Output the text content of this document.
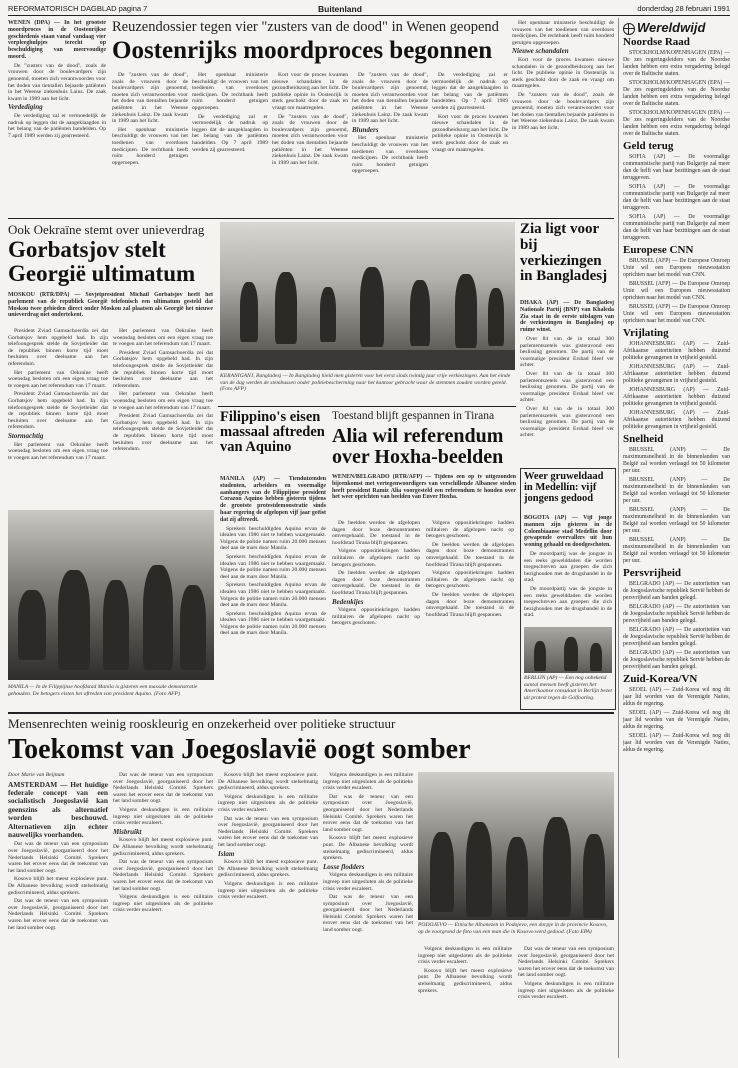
REFORMATORISCH DAGBLAD pagina 7	Buitenland	donderdag 28 februari 1991

WENEN (DPA) — In het grootste moordproces in de Oostenrijkse geschiedenis staan vanaf vandaag vier verpleeghulpjes terecht op beschuldiging van meervoudige moord.

De "zusters van de dood", zoals de vrouwen door de boulevardpers zijn genoemd, moeten zich verantwoorden voor het doden van tientallen bejaarde patiënten in het Weense ziekenhuis Lainz. De zaak kwam in 1989 aan het licht.

Verdediging

De verdediging zal er vermoedelijk de nadruk op leggen dat de aangeklaagden in het belang van de patiënten handelden. Op 7 april 1989 werden zij gearresteerd.

Reuzendossier tegen vier "zusters van de dood" in Wenen geopend
Oostenrijks moordproces begonnen

De "zusters van de dood", zoals de vrouwen door de boulevardpers zijn genoemd, moeten zich verantwoorden voor het doden van tientallen bejaarde patiënten in het Weense ziekenhuis Lainz. De zaak kwam in 1989 aan het licht.

Het openbaar ministerie beschuldigt de vrouwen van het toedienen van overdoses medicijnen. De rechtbank heeft ruim honderd getuigen opgeroepen.

Het openbaar ministerie beschuldigt de vrouwen van het toedienen van overdoses medicijnen. De rechtbank heeft ruim honderd getuigen opgeroepen.

De verdediging zal er vermoedelijk de nadruk op leggen dat de aangeklaagden in het belang van de patiënten handelden. Op 7 april 1989 werden zij gearresteerd.

Kort voor de proces kwamen nieuwe schandalen in de gezondheidszorg aan het licht. De publieke opinie in Oostenrijk is sterk geschokt door de zaak en vraagt om maatregelen.

De "zusters van de dood", zoals de vrouwen door de boulevardpers zijn genoemd, moeten zich verantwoorden voor het doden van tientallen bejaarde patiënten in het Weense ziekenhuis Lainz. De zaak kwam in 1989 aan het licht.

De "zusters van de dood", zoals de vrouwen door de boulevardpers zijn genoemd, moeten zich verantwoorden voor het doden van tientallen bejaarde patiënten in het Weense ziekenhuis Lainz. De zaak kwam in 1989 aan het licht.

Blunders

Het openbaar ministerie beschuldigt de vrouwen van het toedienen van overdoses medicijnen. De rechtbank heeft ruim honderd getuigen opgeroepen.

De verdediging zal er vermoedelijk de nadruk op leggen dat de aangeklaagden in het belang van de patiënten handelden. Op 7 april 1989 werden zij gearresteerd.

Kort voor de proces kwamen nieuwe schandalen in de gezondheidszorg aan het licht. De publieke opinie in Oostenrijk is sterk geschokt door de zaak en vraagt om maatregelen.

Het openbaar ministerie beschuldigt de vrouwen van het toedienen van overdoses medicijnen. De rechtbank heeft ruim honderd getuigen opgeroepen.

Nieuwe schandalen

Kort voor de proces kwamen nieuwe schandalen in de gezondheidszorg aan het licht. De publieke opinie in Oostenrijk is sterk geschokt door de zaak en vraagt om maatregelen.

De "zusters van de dood", zoals de vrouwen door de boulevardpers zijn genoemd, moeten zich verantwoorden voor het doden van tientallen bejaarde patiënten in het Weense ziekenhuis Lainz. De zaak kwam in 1989 aan het licht.

Wereldwijd

Noordse Raad

STOCKHOLM/KOPENHAGEN (EPA) — De zes regeringsleiders van de Noordse landen hebben een extra vergadering belegd over de Baltische staten.

STOCKHOLM/KOPENHAGEN (EPA) — De zes regeringsleiders van de Noordse landen hebben een extra vergadering belegd over de Baltische staten.

STOCKHOLM/KOPENHAGEN (EPA) — De zes regeringsleiders van de Noordse landen hebben een extra vergadering belegd over de Baltische staten.

Geld terug

SOFIA (AP) — De voormalige communistische partij van Bulgarije zal meer dan de helft van haar bezittingen aan de staat teruggeven.

SOFIA (AP) — De voormalige communistische partij van Bulgarije zal meer dan de helft van haar bezittingen aan de staat teruggeven.

SOFIA (AP) — De voormalige communistische partij van Bulgarije zal meer dan de helft van haar bezittingen aan de staat teruggeven.

Europese CNN

BRUSSEL (AFP) — De Europese Omroep Unie wil een Europees nieuwsstation oprichten naar het model van CNN.

BRUSSEL (AFP) — De Europese Omroep Unie wil een Europees nieuwsstation oprichten naar het model van CNN.

BRUSSEL (AFP) — De Europese Omroep Unie wil een Europees nieuwsstation oprichten naar het model van CNN.

Vrijlating

JOHANNESBURG (AP) — Zuid-Afrikaanse autoriteiten hebben duizend politieke gevangenen in vrijheid gesteld.

JOHANNESBURG (AP) — Zuid-Afrikaanse autoriteiten hebben duizend politieke gevangenen in vrijheid gesteld.

JOHANNESBURG (AP) — Zuid-Afrikaanse autoriteiten hebben duizend politieke gevangenen in vrijheid gesteld.

JOHANNESBURG (AP) — Zuid-Afrikaanse autoriteiten hebben duizend politieke gevangenen in vrijheid gesteld.

Snelheid

BRUSSEL (ANP) — De maximumsnelheid in de binnenlanden van België zal worden verlaagd tot 50 kilometer per uur.

BRUSSEL (ANP) — De maximumsnelheid in de binnenlanden van België zal worden verlaagd tot 50 kilometer per uur.

BRUSSEL (ANP) — De maximumsnelheid in de binnenlanden van België zal worden verlaagd tot 50 kilometer per uur.

BRUSSEL (ANP) — De maximumsnelheid in de binnenlanden van België zal worden verlaagd tot 50 kilometer per uur.

Persvrijheid

BELGRADO (AP) — De autoriteiten van de Joegoslavische republiek Servië hebben de persvrijheid aan banden gelegd.

BELGRADO (AP) — De autoriteiten van de Joegoslavische republiek Servië hebben de persvrijheid aan banden gelegd.

BELGRADO (AP) — De autoriteiten van de Joegoslavische republiek Servië hebben de persvrijheid aan banden gelegd.

BELGRADO (AP) — De autoriteiten van de Joegoslavische republiek Servië hebben de persvrijheid aan banden gelegd.

Zuid-Korea/VN

SEOEL (AP) — Zuid-Korea wil nog dit jaar lid worden van de Verenigde Naties, aldus de regering.

SEOEL (AP) — Zuid-Korea wil nog dit jaar lid worden van de Verenigde Naties, aldus de regering.

SEOEL (AP) — Zuid-Korea wil nog dit jaar lid worden van de Verenigde Naties, aldus de regering.

Ook Oekraïne stemt over unieverdrag
Gorbatsjov stelt Georgië ultimatum

MOSKOU (RTR/DPA) — Sovjetpresident Michail Gorbatsjov heeft het parlement van de republiek Georgië telefonisch een ultimatum gesteld dat Moskou twee gebieden direct onder Moskou zal plaatsen als Georgië het nieuwe unieverdrag niet ondertekent.

President Zviad Gamsachoerdia zei dat Gorbatsjov hem opgebeld had. In zijn telefoongesprek stelde de Sovjetleider dat de republiek binnen korte tijd moet besluiten over deelname aan het referendum.

Het parlement van Oekraïne heeft woensdag besloten om een eigen vraag toe te voegen aan het referendum van 17 maart.

President Zviad Gamsachoerdia zei dat Gorbatsjov hem opgebeld had. In zijn telefoongesprek stelde de Sovjetleider dat de republiek binnen korte tijd moet besluiten over deelname aan het referendum.

Stormachtig

Het parlement van Oekraïne heeft woensdag besloten om een eigen vraag toe te voegen aan het referendum van 17 maart.

Het parlement van Oekraïne heeft woensdag besloten om een eigen vraag toe te voegen aan het referendum van 17 maart.

President Zviad Gamsachoerdia zei dat Gorbatsjov hem opgebeld had. In zijn telefoongesprek stelde de Sovjetleider dat de republiek binnen korte tijd moet besluiten over deelname aan het referendum.

Het parlement van Oekraïne heeft woensdag besloten om een eigen vraag toe te voegen aan het referendum van 17 maart.

President Zviad Gamsachoerdia zei dat Gorbatsjov hem opgebeld had. In zijn telefoongesprek stelde de Sovjetleider dat de republiek binnen korte tijd moet besluiten over deelname aan het referendum.

KERANIGANJ, Bangladesj — In Bangladesj hield men gisteren voor het eerst sinds twintig jaar vrije verkiezingen. Aan het einde van de dag werden de stembussen onder politiebescherming naar het kantoor gebracht waar de stemmen zouden worden geteld. (Foto AFP)
Zia ligt voor bij verkiezingen in Bangladesj

DHAKA (AP) — De Bangladesj Nationale Partij (BNP) van Khaleda Zia staat in de eerste uitslagen van de verkiezingen in Bangladesj op ruime winst.

Over 84 van de in totaal 300 parlementszetels was gisteravond een beslissing genomen. De partij van de voormalige president Ershad bleef ver achter.

Over 84 van de in totaal 300 parlementszetels was gisteravond een beslissing genomen. De partij van de voormalige president Ershad bleef ver achter.

Over 84 van de in totaal 300 parlementszetels was gisteravond een beslissing genomen. De partij van de voormalige president Ershad bleef ver achter.

Filippino's eisen massaal aftreden van Aquino

MANILA (AP) — Tienduizenden studenten, arbeiders en voormalige aanhangers van de Filippijnse president Corazon Aquino hebben gisteren tijdens de grootste protestdemonstratie sinds haar regering de afgelopen vijf jaar geëist dat zij aftreedt.

Sprekers beschuldigden Aquino ervan de idealen van 1986 niet te hebben waargemaakt. Volgens de politie namen ruim 20.000 mensen deel aan de mars door Manila.

Sprekers beschuldigden Aquino ervan de idealen van 1986 niet te hebben waargemaakt. Volgens de politie namen ruim 20.000 mensen deel aan de mars door Manila.

Sprekers beschuldigden Aquino ervan de idealen van 1986 niet te hebben waargemaakt. Volgens de politie namen ruim 20.000 mensen deel aan de mars door Manila.

Sprekers beschuldigden Aquino ervan de idealen van 1986 niet te hebben waargemaakt. Volgens de politie namen ruim 20.000 mensen deel aan de mars door Manila.

MANILA — In de Filippijnse hoofdstad Manila is gisteren een massale demonstratie gehouden. De betogers eisten het aftreden van president Aquino. (Foto AFP)
Toestand blijft gespannen in Tirana
Alia wil referendum over Hoxha-beelden

WENEN/BELGRADO (RTR/AFP) — Tijdens een op tv uitgezonden bijeenkomst met vertegenwoordigers van verschillende Albanese steden heeft president Ramiz Alia voorgesteld een referendum te houden over het weer oprichten van beelden van Enver Hoxha.

De beelden werden de afgelopen dagen door boze demonstranten omvergehaald. De toestand in de hoofdstad Tirana blijft gespannen.

Volgens oppositiekringen hadden militairen de afgelopen nacht op betogers geschoten.

De beelden werden de afgelopen dagen door boze demonstranten omvergehaald. De toestand in de hoofdstad Tirana blijft gespannen.

Bedenkijes

Volgens oppositiekringen hadden militairen de afgelopen nacht op betogers geschoten.

Volgens oppositiekringen hadden militairen de afgelopen nacht op betogers geschoten.

De beelden werden de afgelopen dagen door boze demonstranten omvergehaald. De toestand in de hoofdstad Tirana blijft gespannen.

Volgens oppositiekringen hadden militairen de afgelopen nacht op betogers geschoten.

De beelden werden de afgelopen dagen door boze demonstranten omvergehaald. De toestand in de hoofdstad Tirana blijft gespannen.

Weer gruweldaad in Medellín: vijf jongens gedood

BOGOTA (AP) — Vijf jonge mannen zijn gisteren in de Colombiaanse stad Medellín door gewapende overvallers uit hun woning gehaald en doodgeschoten.

De moordpartij was de jongste in een reeks gewelddaden die worden toegeschreven aan groepen die zich bezighouden met de drugshandel in de stad.

De moordpartij was de jongste in een reeks gewelddaden die worden toegeschreven aan groepen die zich bezighouden met de drugshandel in de stad.

BERLIJN (AP) — Een nog onbekend aantal mensen heeft gisteren het Amerikaanse consulaat in Berlijn bezet uit protest tegen de Golfoorlog.
Mensenrechten weinig rooskleurig en onzekerheid over politieke structuur
Toekomst van Joegoslavië oogt somber

Door Marie van Beijnum

AMSTERDAM — Het huidige federale concept van een socialistisch Joegoslavië kan geenszins als alternatief worden beschouwd. Alternatieven zijn echter nauwelijks voorhanden.

Dat was de teneur van een symposium over Joegoslavië, georganiseerd door het Nederlands Helsinki Comité. Sprekers waren het erover eens dat de toekomst van het land somber oogt.

Kosovo blijft het meest explosieve punt. De Albanese bevolking wordt stelselmatig gediscrimineerd, aldus sprekers.

Dat was de teneur van een symposium over Joegoslavië, georganiseerd door het Nederlands Helsinki Comité. Sprekers waren het erover eens dat de toekomst van het land somber oogt.

Dat was de teneur van een symposium over Joegoslavië, georganiseerd door het Nederlands Helsinki Comité. Sprekers waren het erover eens dat de toekomst van het land somber oogt.

Volgens deskundigen is een militaire ingreep niet uitgesloten als de politieke crisis verder escaleert.

Misbruikt

Kosovo blijft het meest explosieve punt. De Albanese bevolking wordt stelselmatig gediscrimineerd, aldus sprekers.

Dat was de teneur van een symposium over Joegoslavië, georganiseerd door het Nederlands Helsinki Comité. Sprekers waren het erover eens dat de toekomst van het land somber oogt.

Volgens deskundigen is een militaire ingreep niet uitgesloten als de politieke crisis verder escaleert.

Kosovo blijft het meest explosieve punt. De Albanese bevolking wordt stelselmatig gediscrimineerd, aldus sprekers.

Volgens deskundigen is een militaire ingreep niet uitgesloten als de politieke crisis verder escaleert.

Dat was de teneur van een symposium over Joegoslavië, georganiseerd door het Nederlands Helsinki Comité. Sprekers waren het erover eens dat de toekomst van het land somber oogt.

Islam

Kosovo blijft het meest explosieve punt. De Albanese bevolking wordt stelselmatig gediscrimineerd, aldus sprekers.

Volgens deskundigen is een militaire ingreep niet uitgesloten als de politieke crisis verder escaleert.

Volgens deskundigen is een militaire ingreep niet uitgesloten als de politieke crisis verder escaleert.

Dat was de teneur van een symposium over Joegoslavië, georganiseerd door het Nederlands Helsinki Comité. Sprekers waren het erover eens dat de toekomst van het land somber oogt.

Kosovo blijft het meest explosieve punt. De Albanese bevolking wordt stelselmatig gediscrimineerd, aldus sprekers.

Losse flodders

Volgens deskundigen is een militaire ingreep niet uitgesloten als de politieke crisis verder escaleert.

Dat was de teneur van een symposium over Joegoslavië, georganiseerd door het Nederlands Helsinki Comité. Sprekers waren het erover eens dat de toekomst van het land somber oogt.

PODOJEVO — Etnische Albanezen in Podojevo, een dorpje in de provincie Kosovo, op de voorgrond de foto van een man die in Kosovo werd gedood. (Foto EPA)

Volgens deskundigen is een militaire ingreep niet uitgesloten als de politieke crisis verder escaleert.

Kosovo blijft het meest explosieve punt. De Albanese bevolking wordt stelselmatig gediscrimineerd, aldus sprekers.

Dat was de teneur van een symposium over Joegoslavië, georganiseerd door het Nederlands Helsinki Comité. Sprekers waren het erover eens dat de toekomst van het land somber oogt.

Volgens deskundigen is een militaire ingreep niet uitgesloten als de politieke crisis verder escaleert.
